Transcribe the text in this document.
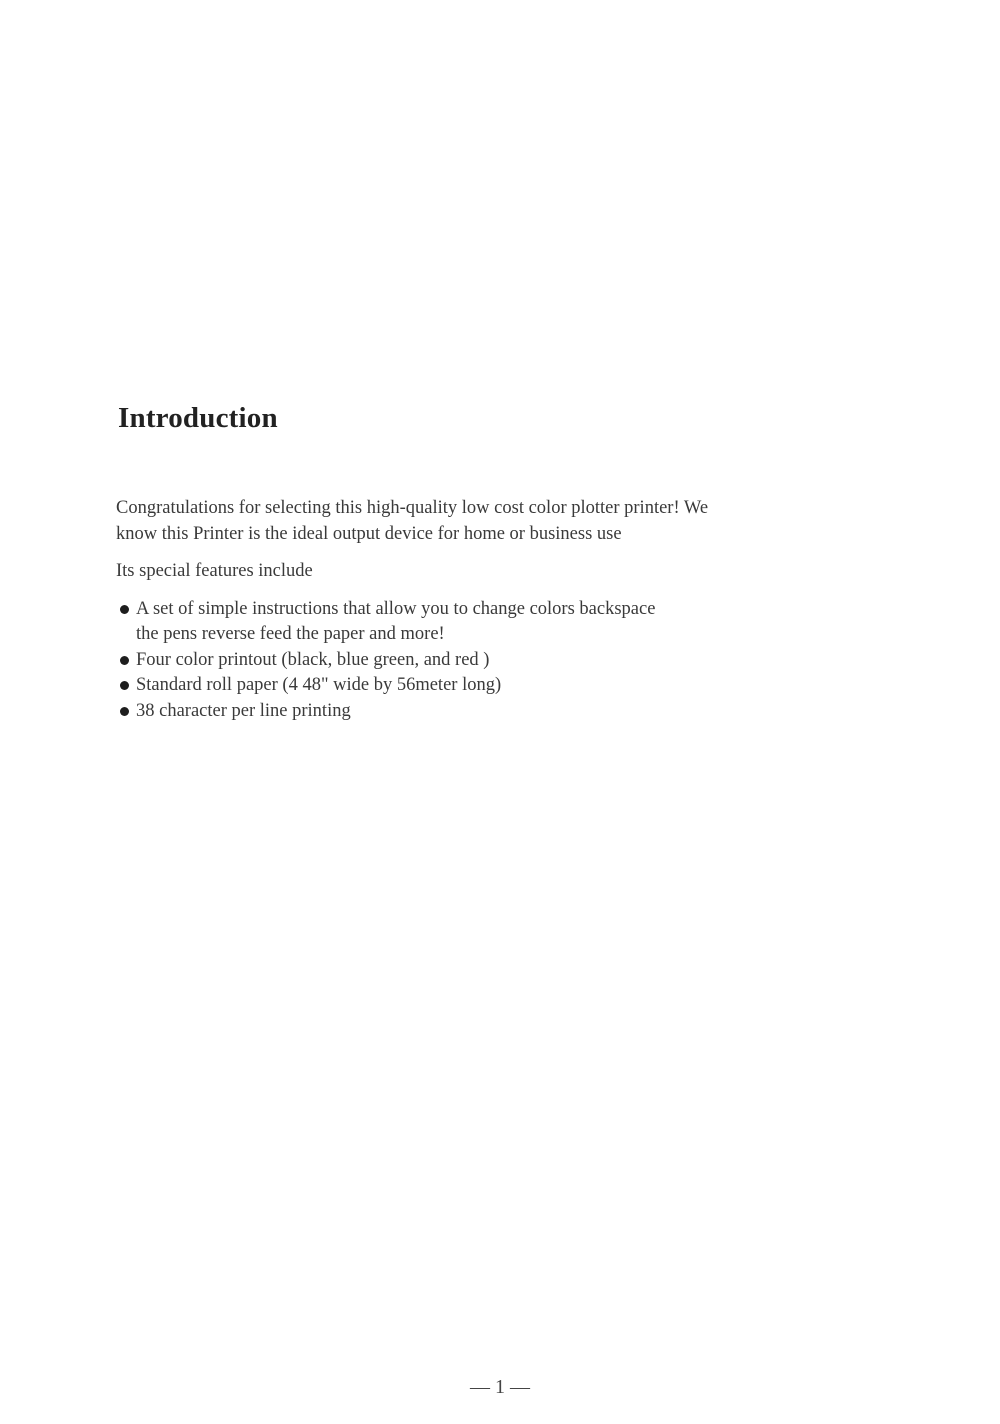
Introduction

Congratulations for selecting this high-quality low cost color plotter printer! We know this Printer is the ideal output device for home or business use

Its special features include

A set of simple instructions that allow you to change colors backspace the pens reverse feed the paper and more!
Four color printout (black, blue green, and red )
Standard roll paper (4 48" wide by 56meter long)
38 character per line printing
— 1 —
